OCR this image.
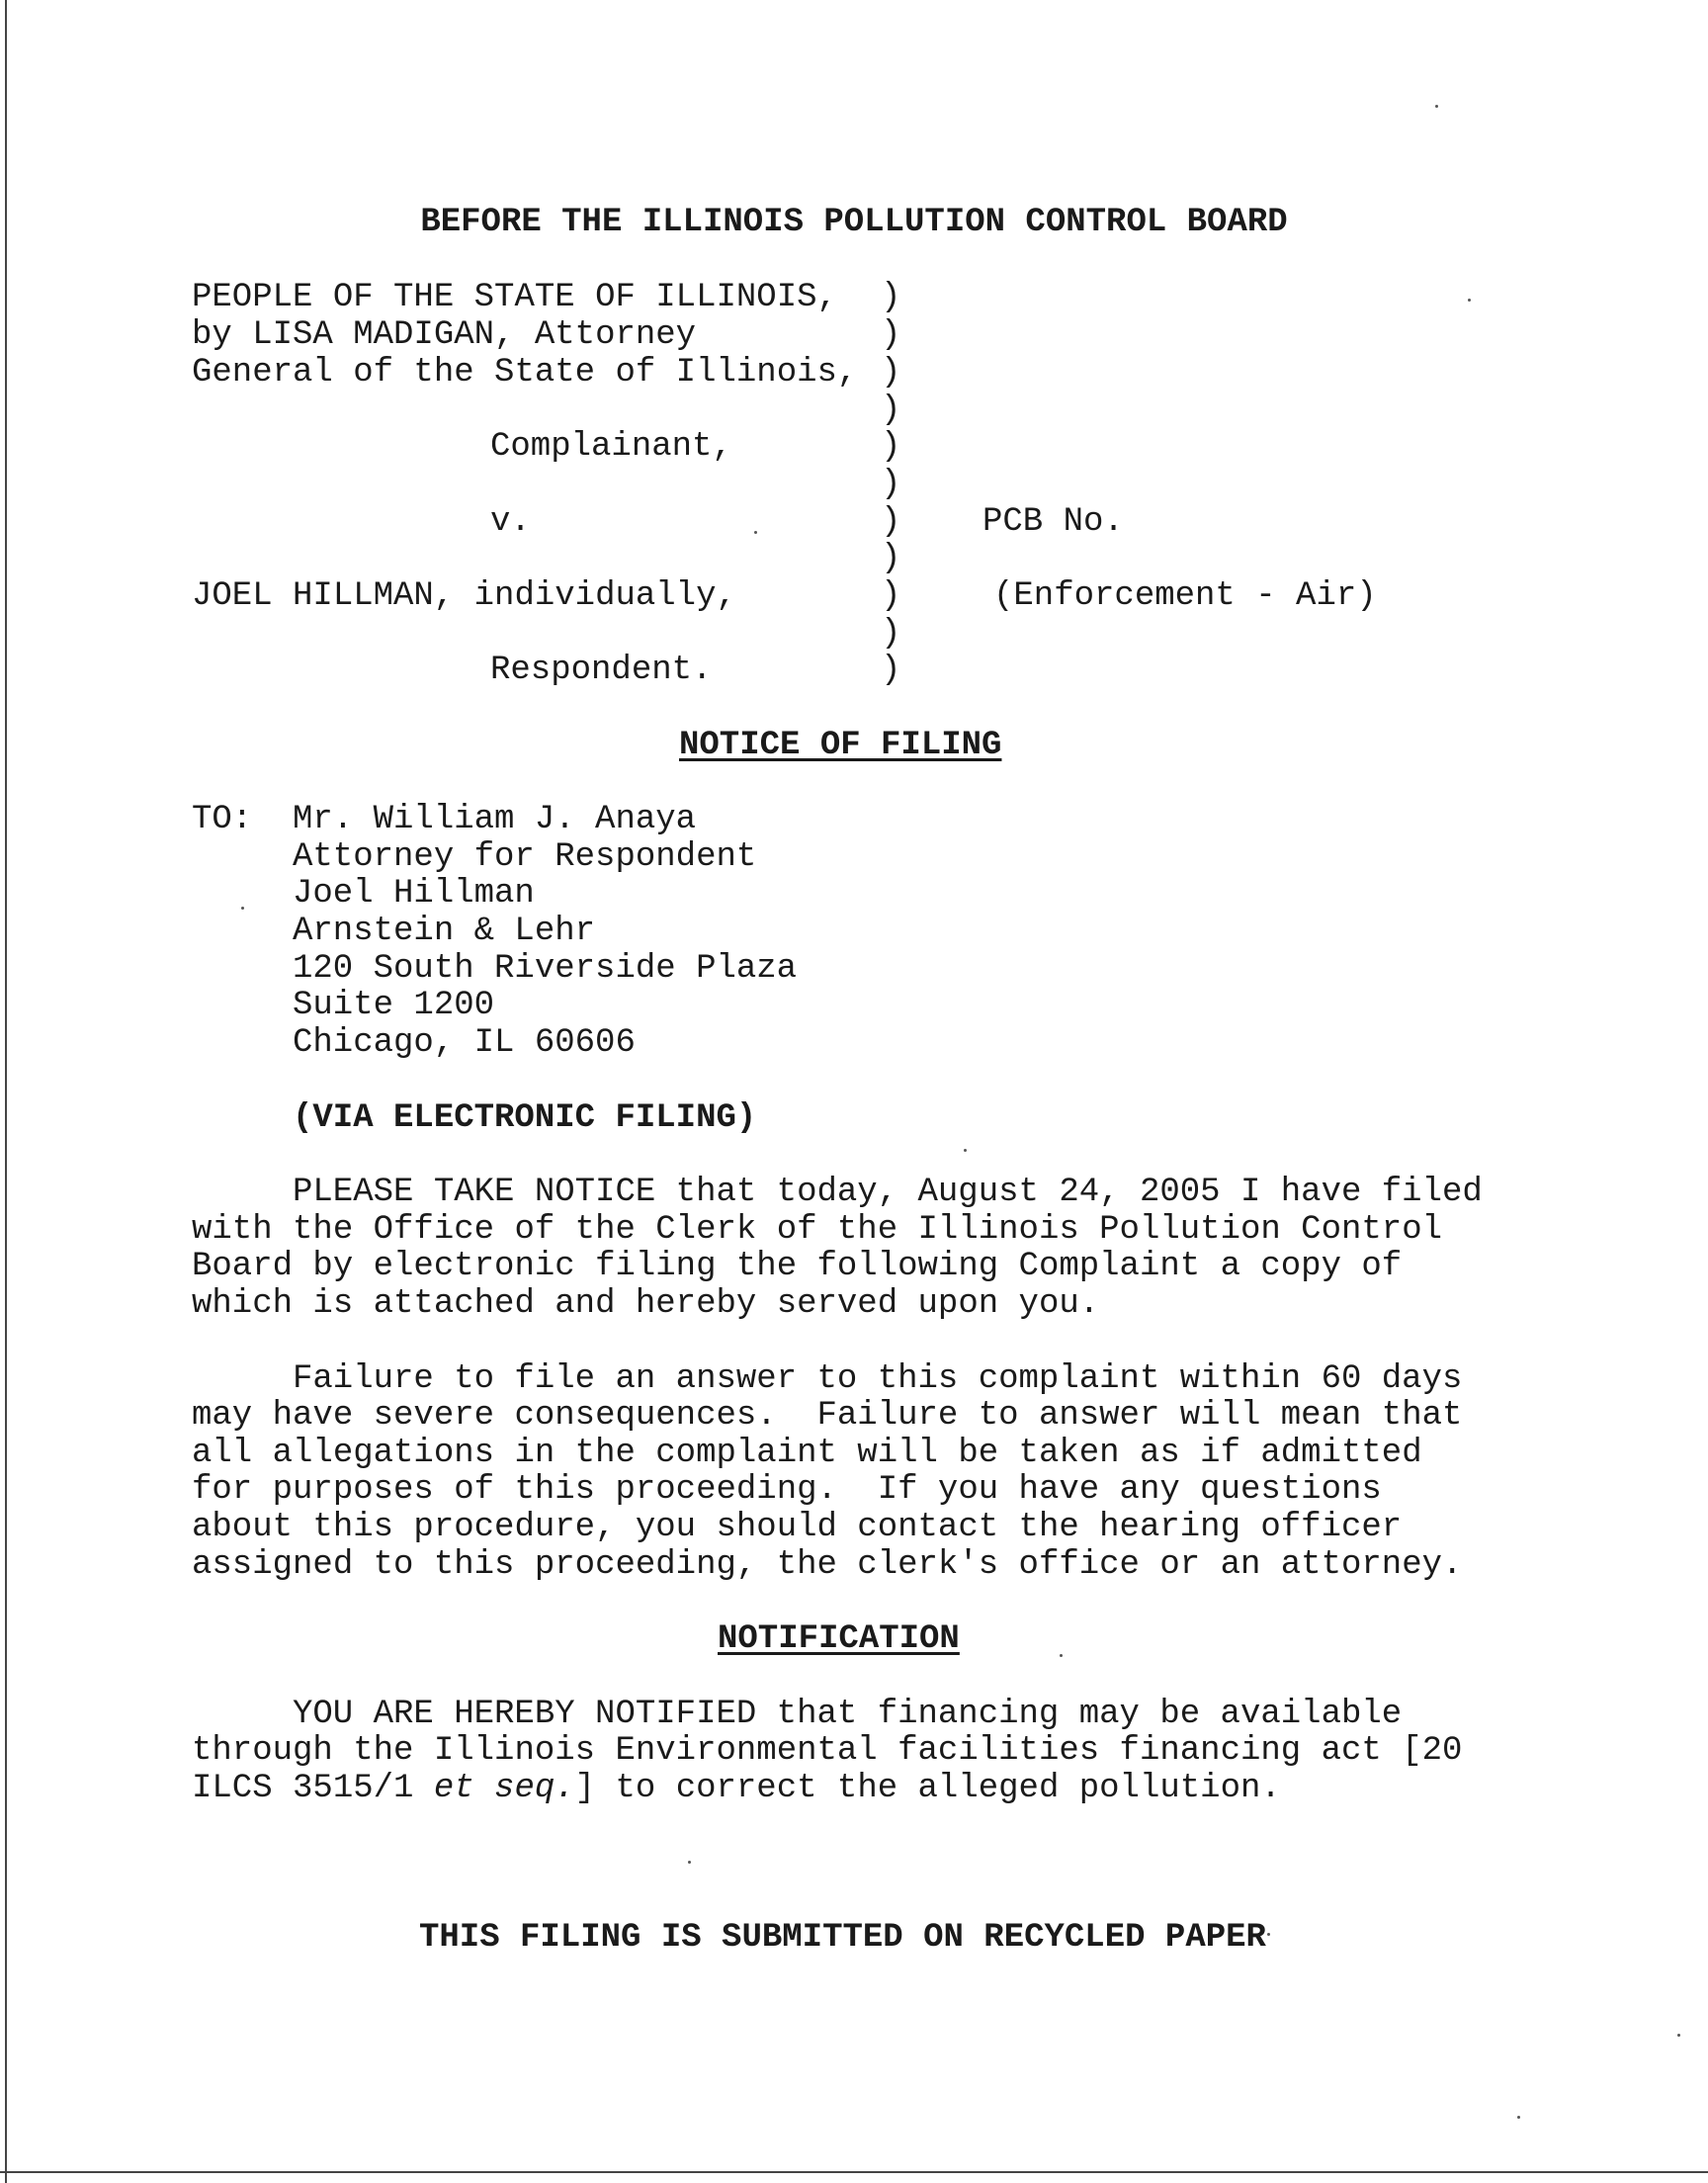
BEFORE THE ILLINOIS POLLUTION CONTROL BOARD
PEOPLE OF THE STATE OF ILLINOIS,
by LISA MADIGAN, Attorney
General of the State of Illinois,
Complainant,
v.
JOEL HILLMAN, individually,
Respondent.
)
)
)
)
)
)
)
)
)
)
)
PCB No.
(Enforcement - Air)
NOTICE OF FILING
TO: Mr. William J. Anaya
Attorney for Respondent
Joel Hillman
Arnstein & Lehr
120 South Riverside Plaza
Suite 1200
Chicago, IL 60606
(VIA ELECTRONIC FILING)
PLEASE TAKE NOTICE that today, August 24, 2005 I have filed
with the Office of the Clerk of the Illinois Pollution Control
Board by electronic filing the following Complaint a copy of
which is attached and hereby served upon you.
Failure to file an answer to this complaint within 60 days
may have severe consequences.  Failure to answer will mean that
all allegations in the complaint will be taken as if admitted
for purposes of this proceeding.  If you have any questions
about this procedure, you should contact the hearing officer
assigned to this proceeding, the clerk's office or an attorney.
NOTIFICATION
YOU ARE HEREBY NOTIFIED that financing may be available
through the Illinois Environmental facilities financing act [20
ILCS 3515/1 et seq.] to correct the alleged pollution.
THIS FILING IS SUBMITTED ON RECYCLED PAPER
